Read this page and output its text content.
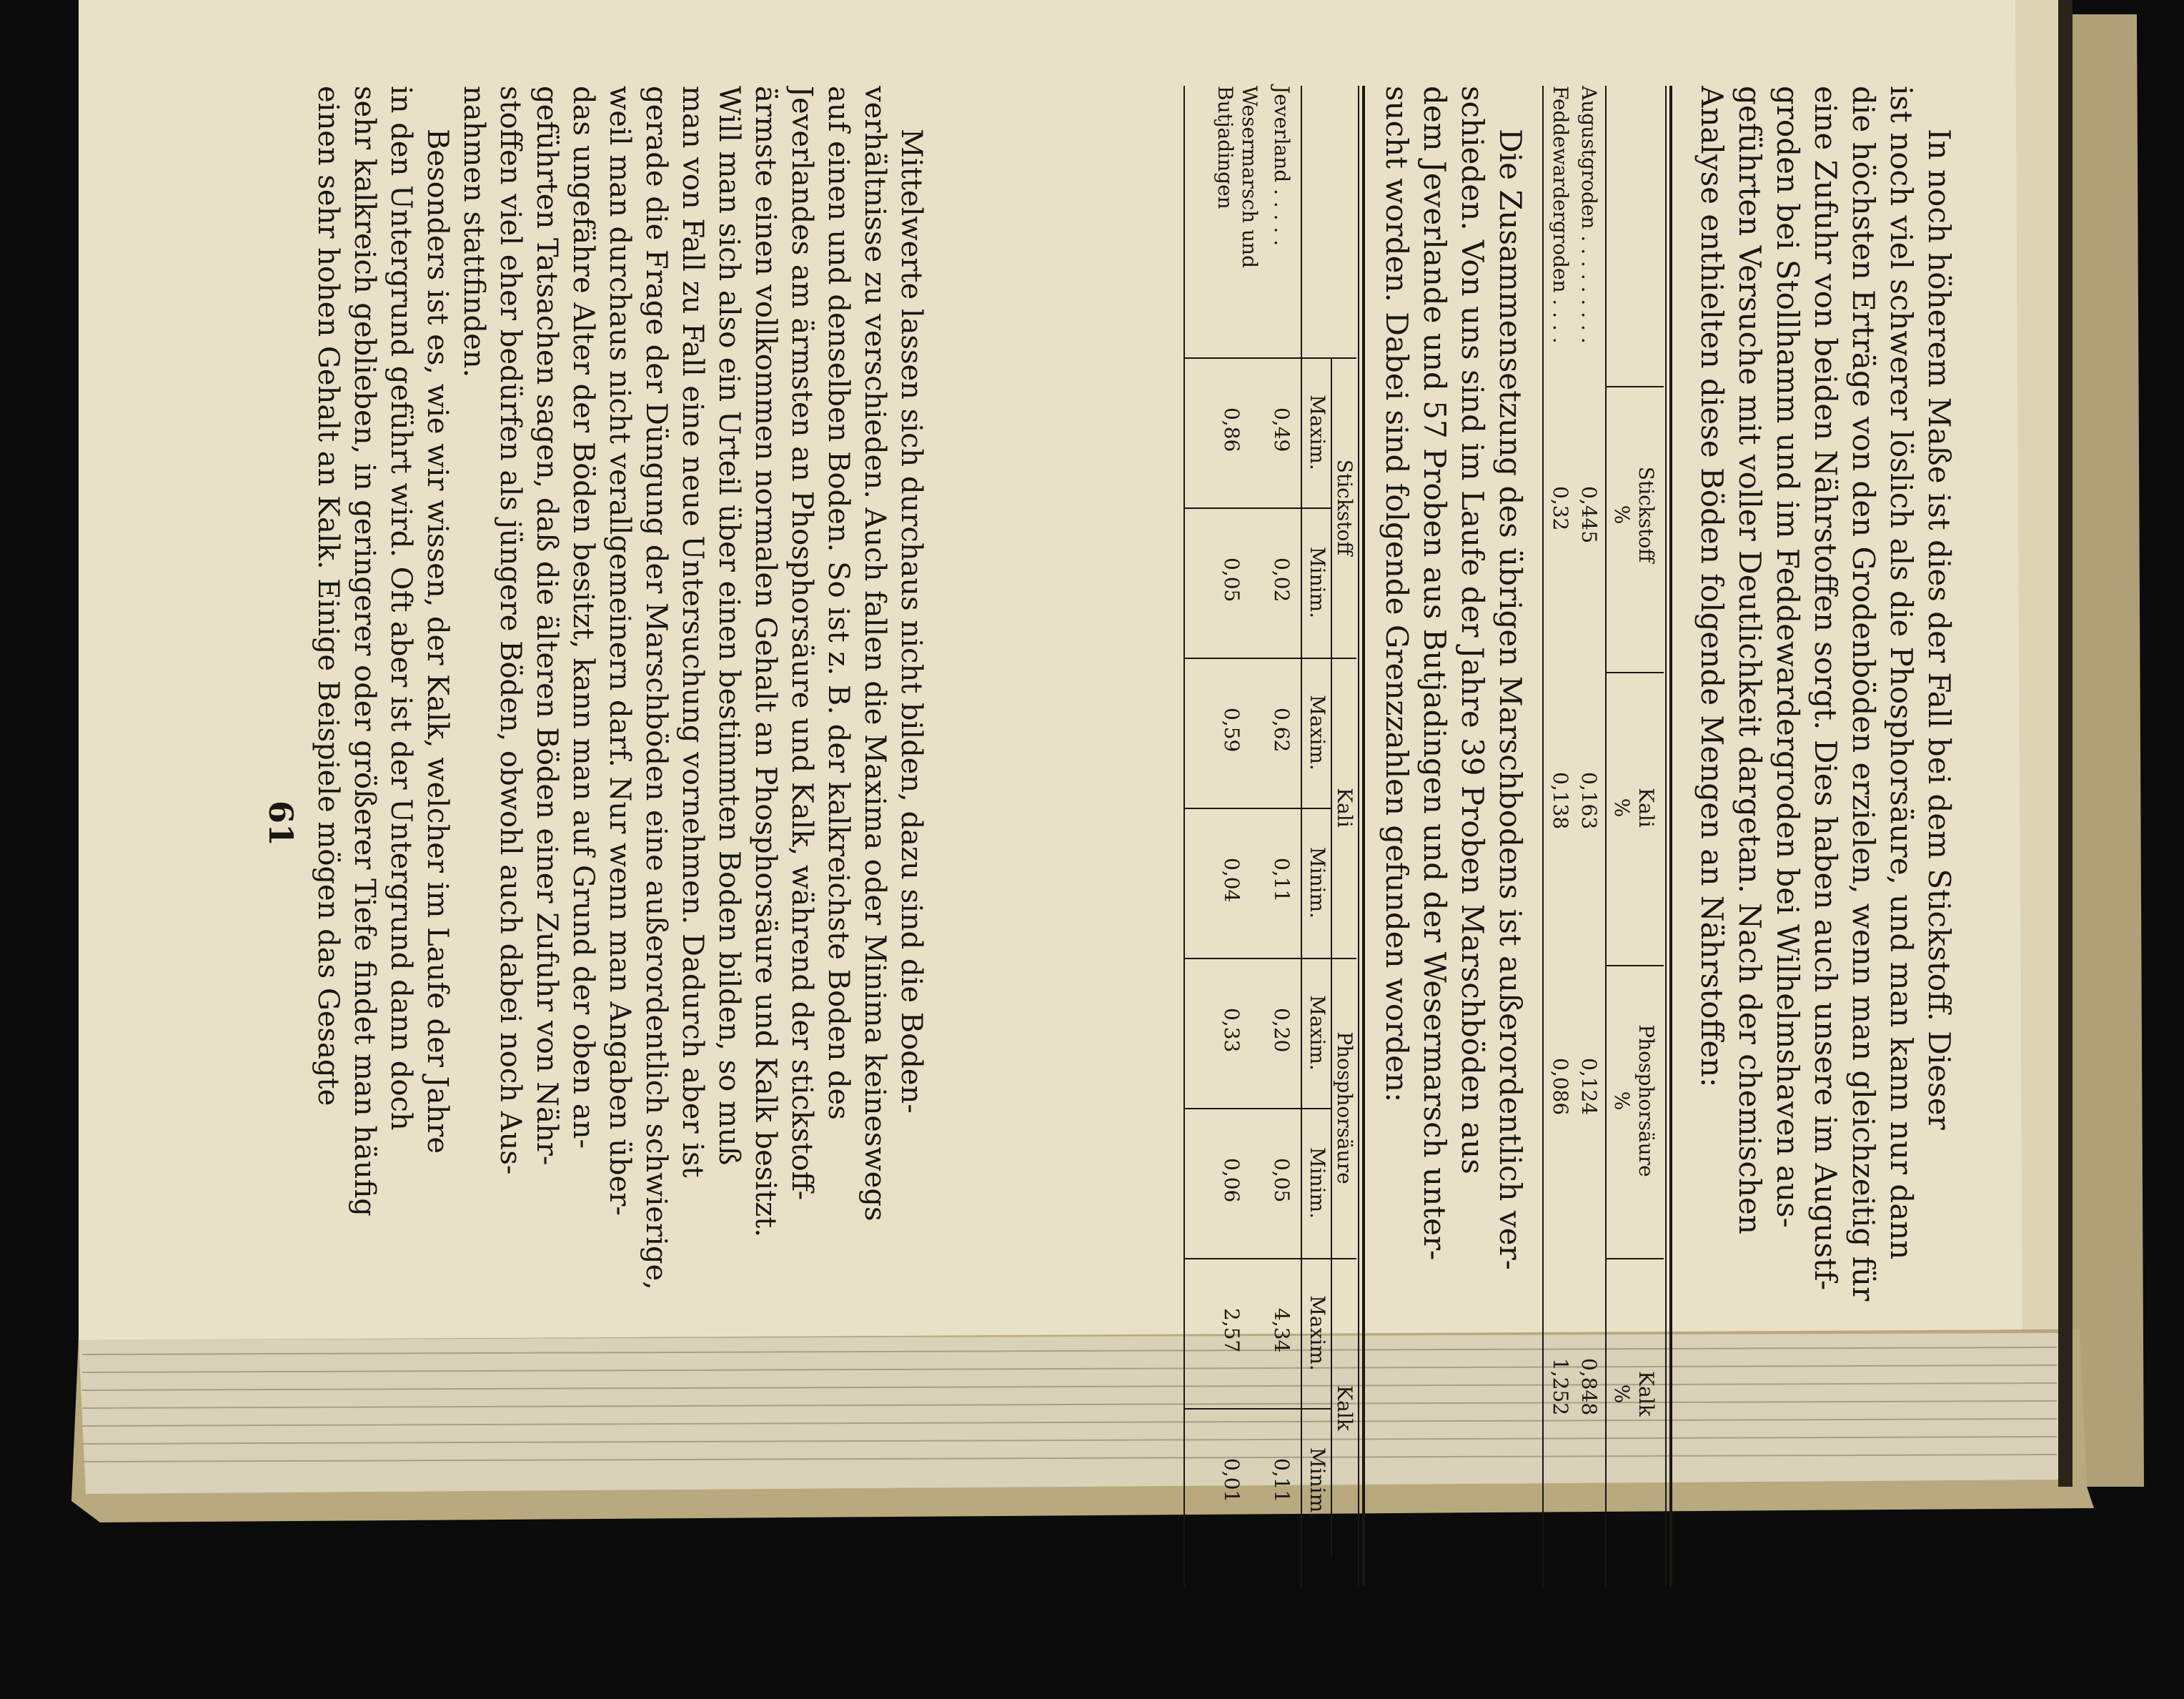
In noch höherem Maße ist dies der Fall bei dem Stickstoff. Dieser
ist noch viel schwerer löslich als die Phosphorsäure, und man kann nur dann
die höchsten Erträge von den Grodenböden erzielen, wenn man gleichzeitig für
eine Zufuhr von beiden Nährstoffen sorgt. Dies haben auch unsere im Augustf-
groden bei Stollhamm und im Feddewardergroden bei Wilhelmshaven aus-
geführten Versuche mit voller Deutlichkeit dargetan. Nach der chemischen
Analyse enthielten diese Böden folgende Mengen an Nährstoffen:
Stickstoff
%
Kali
%
Phosphorsäure
%
Kalk
%
Augustgroden . . . . . . . . .
0,445
0,163
0,124
0,848
Feddewardergroden . . . .
0,32
0,138
0,086
1,252
Die Zusammensetzung des übrigen Marschbodens ist außerordentlich ver-
schieden. Von uns sind im Laufe der Jahre 39 Proben Marschböden aus
dem Jeverlande und 57 Proben aus Butjadingen und der Wesermarsch unter-
sucht worden. Dabei sind folgende Grenzzahlen gefunden worden:
Stickstoff
Kali
Phosphorsäure
Kalk
Maxim.
Minim.
Maxim.
Minim.
Maxim.
Minim.
Maxim.
Minim.
Jeverland . . . . .
0,49
0,02
0,62
0,11
0,20
0,05
4,34
0,11
Wesermarsch und
Butjadingen
0,86
0,05
0,59
0,04
0,33
0,06
2,57
0,01
Mittelwerte lassen sich durchaus nicht bilden, dazu sind die Boden-
verhältnisse zu verschieden. Auch fallen die Maxima oder Minima keineswegs
auf einen und denselben Boden. So ist z. B. der kalkreichste Boden des
Jeverlandes am ärmsten an Phosphorsäure und Kalk, während der stickstoff-
ärmste einen vollkommen normalen Gehalt an Phosphorsäure und Kalk besitzt.
Will man sich also ein Urteil über einen bestimmten Boden bilden, so muß
man von Fall zu Fall eine neue Untersuchung vornehmen. Dadurch aber ist
gerade die Frage der Düngung der Marschböden eine außerordentlich schwierige,
weil man durchaus nicht verallgemeinern darf. Nur wenn man Angaben über-
das ungefähre Alter der Böden besitzt, kann man auf Grund der oben an-
geführten Tatsachen sagen, daß die älteren Böden einer Zufuhr von Nähr-
stoffen viel eher bedürfen als jüngere Böden, obwohl auch dabei noch Aus-
nahmen stattfinden.
Besonders ist es, wie wir wissen, der Kalk, welcher im Laufe der Jahre
in den Untergrund geführt wird. Oft aber ist der Untergrund dann doch
sehr kalkreich geblieben, in geringerer oder größerer Tiefe findet man häufig
einen sehr hohen Gehalt an Kalk. Einige Beispiele mögen das Gesagte
61
